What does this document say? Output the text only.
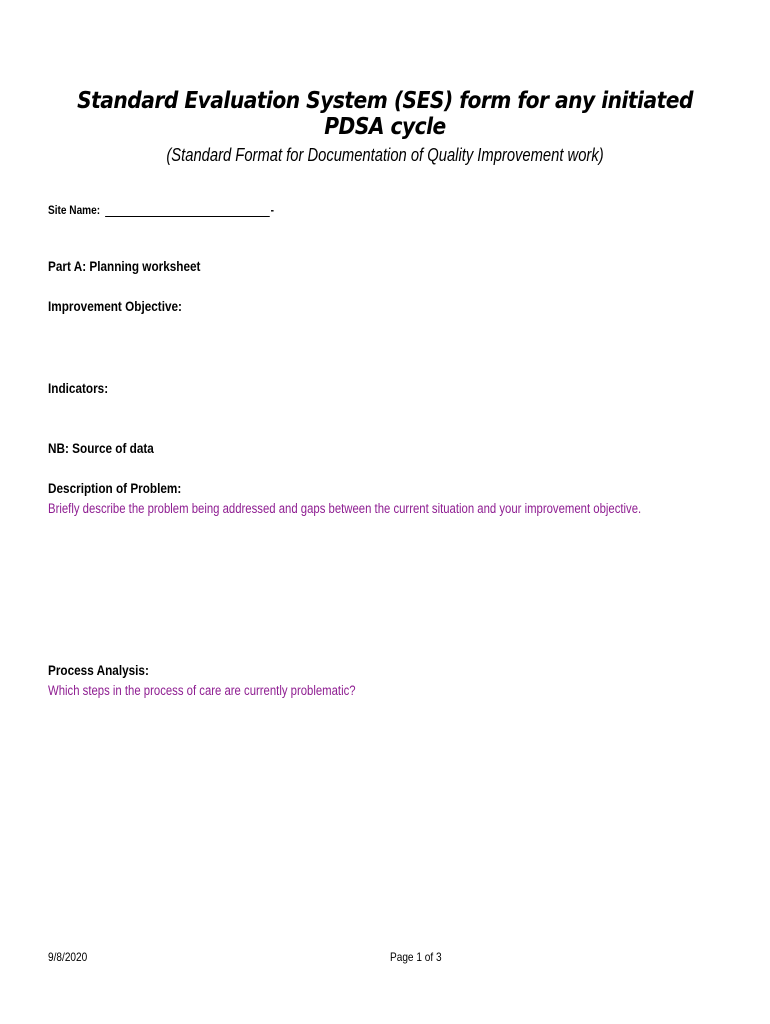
Standard Evaluation System (SES) form for any initiated PDSA cycle
(Standard Format for Documentation of Quality Improvement work)
Site Name:	-
Part A: Planning worksheet
Improvement Objective:
Indicators:
NB: Source of data
Description of Problem:
Briefly describe the problem being addressed and gaps between the current situation and your improvement objective.
Process Analysis:
Which steps in the process of care are currently problematic?
9/8/2020	Page 1 of 3
